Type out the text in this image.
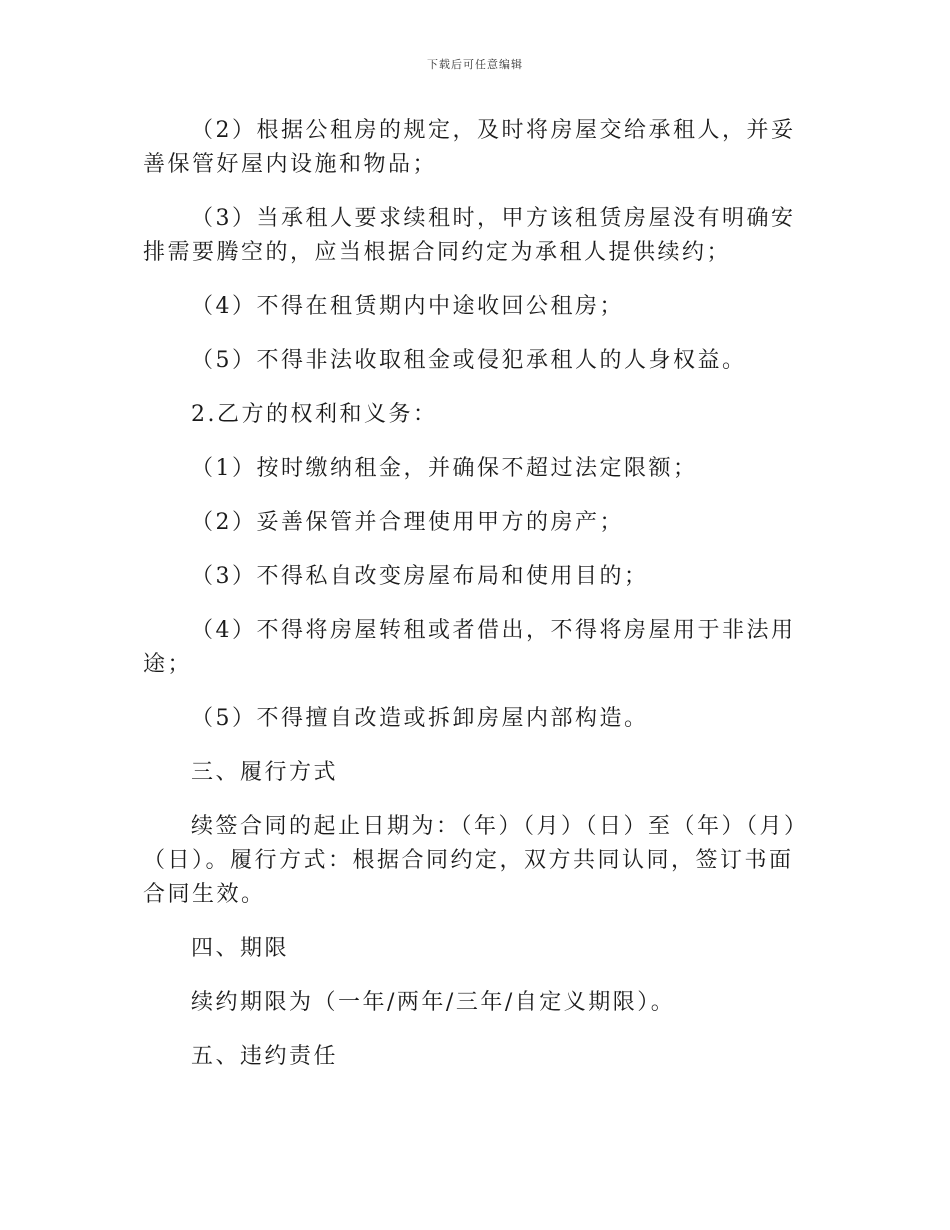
下载后可任意编辑

（2）根据公租房的规定，及时将房屋交给承租人，并妥善保管好屋内设施和物品；

（3）当承租人要求续租时，甲方该租赁房屋没有明确安排需要腾空的，应当根据合同约定为承租人提供续约；

（4）不得在租赁期内中途收回公租房；

（5）不得非法收取租金或侵犯承租人的人身权益。

2.乙方的权利和义务：

（1）按时缴纳租金，并确保不超过法定限额；

（2）妥善保管并合理使用甲方的房产；

（3）不得私自改变房屋布局和使用目的；

（4）不得将房屋转租或者借出，不得将房屋用于非法用途；

（5）不得擅自改造或拆卸房屋内部构造。

三、履行方式

续签合同的起止日期为：（年）（月）（日）至（年）（月）（日）。履行方式：根据合同约定，双方共同认同，签订书面合同生效。

四、期限

续约期限为（一年/两年/三年/自定义期限）。

五、违约责任
